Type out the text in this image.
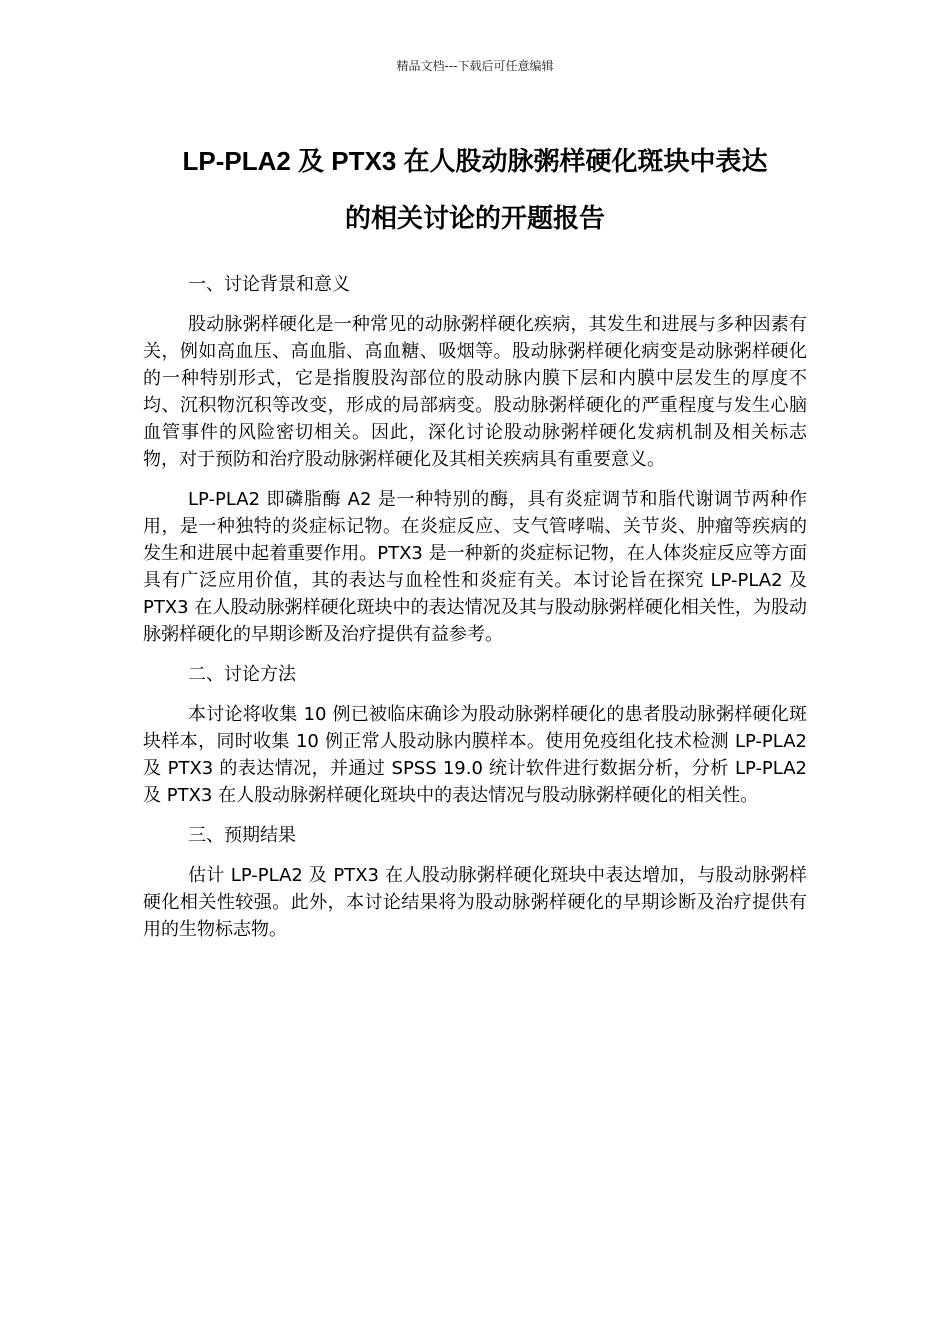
精品文档---下载后可任意编辑
LP-PLA2 及 PTX3 在人股动脉粥样硬化斑块中表达
的相关讨论的开题报告

一、讨论背景和意义

股动脉粥样硬化是一种常见的动脉粥样硬化疾病，其发生和进展与多种因素有关，例如高血压、高血脂、高血糖、吸烟等。股动脉粥样硬化病变是动脉粥样硬化的一种特别形式，它是指腹股沟部位的股动脉内膜下层和内膜中层发生的厚度不均、沉积物沉积等改变，形成的局部病变。股动脉粥样硬化的严重程度与发生心脑血管事件的风险密切相关。因此，深化讨论股动脉粥样硬化发病机制及相关标志物，对于预防和治疗股动脉粥样硬化及其相关疾病具有重要意义。

LP-PLA2 即磷脂酶 A2 是一种特别的酶，具有炎症调节和脂代谢调节两种作用，是一种独特的炎症标记物。在炎症反应、支气管哮喘、关节炎、肿瘤等疾病的发生和进展中起着重要作用。PTX3 是一种新的炎症标记物，在人体炎症反应等方面具有广泛应用价值，其的表达与血栓性和炎症有关。本讨论旨在探究 LP-PLA2 及 PTX3 在人股动脉粥样硬化斑块中的表达情况及其与股动脉粥样硬化相关性，为股动脉粥样硬化的早期诊断及治疗提供有益参考。

二、讨论方法

本讨论将收集 10 例已被临床确诊为股动脉粥样硬化的患者股动脉粥样硬化斑块样本，同时收集 10 例正常人股动脉内膜样本。使用免疫组化技术检测 LP-PLA2 及 PTX3 的表达情况，并通过 SPSS 19.0 统计软件进行数据分析，分析 LP-PLA2 及 PTX3 在人股动脉粥样硬化斑块中的表达情况与股动脉粥样硬化的相关性。

三、预期结果

估计 LP-PLA2 及 PTX3 在人股动脉粥样硬化斑块中表达增加，与股动脉粥样硬化相关性较强。此外，本讨论结果将为股动脉粥样硬化的早期诊断及治疗提供有用的生物标志物。
